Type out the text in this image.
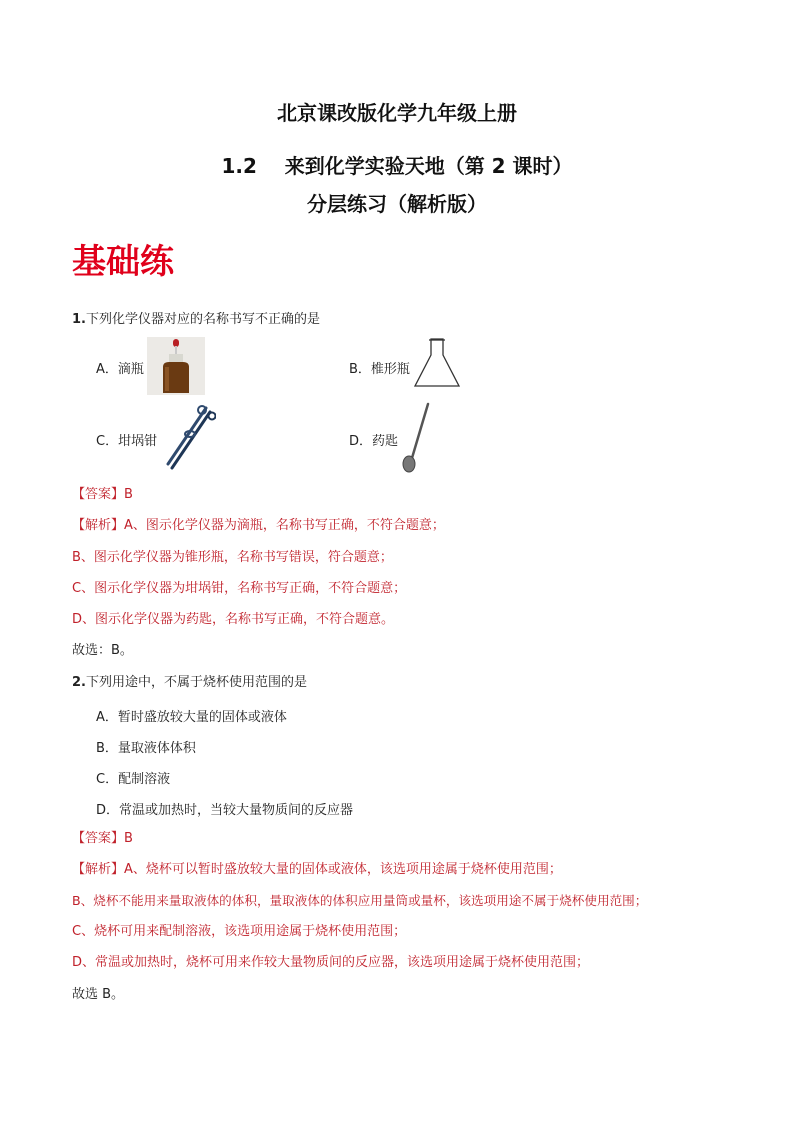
北京课改版化学九年级上册
1.2    来到化学实验天地（第 2 课时）
分层练习（解析版）
基础练
1.下列化学仪器对应的名称书写不正确的是
A．滴瓶	B．椎形瓶
C．坩埚钳	D．药匙
【答案】B
【解析】A、图示化学仪器为滴瓶，名称书写正确，不符合题意；
B、图示化学仪器为锥形瓶，名称书写错误，符合题意；
C、图示化学仪器为坩埚钳，名称书写正确，不符合题意；
D、图示化学仪器为药匙，名称书写正确，不符合题意。
故选：B。
2.下列用途中，不属于烧杯使用范围的是
A．暂时盛放较大量的固体或液体
B．量取液体体积
C．配制溶液
D．常温或加热时，当较大量物质间的反应器
【答案】B
【解析】A、烧杯可以暂时盛放较大量的固体或液体，该选项用途属于烧杯使用范围；
B、烧杯不能用来量取液体的体积，量取液体的体积应用量筒或量杯，该选项用途不属于烧杯使用范围；
C、烧杯可用来配制溶液，该选项用途属于烧杯使用范围；
D、常温或加热时，烧杯可用来作较大量物质间的反应器，该选项用途属于烧杯使用范围；
故选 B。
